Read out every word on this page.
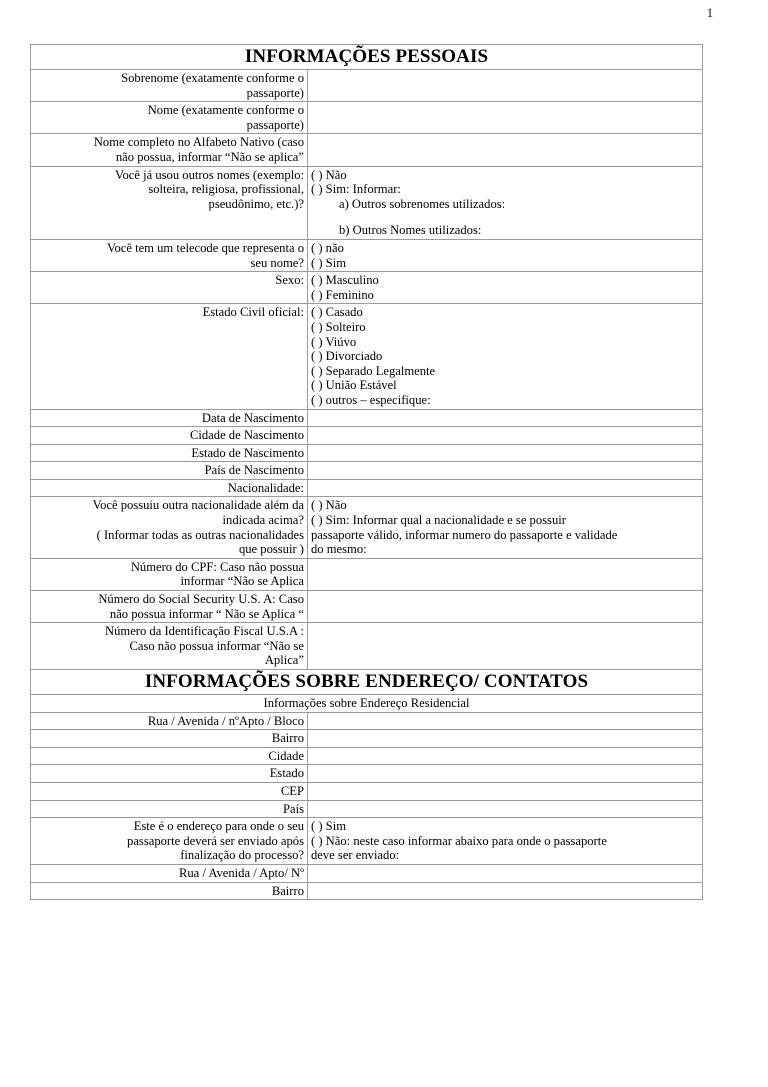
1
INFORMAÇÕES PESSOAIS	

Sobrenome (exatamente conforme o
passaporte)	

Nome (exatamente conforme o
passaporte)	

Nome completo no Alfabeto Nativo (caso
não possua, informar “Não se aplica”	

Você já usou outros nomes (exemplo:
solteira, religiosa, profissional,
pseudônimo, etc.)?	( ) Não
( ) Sim: Informar:
a) Outros sobrenomes utilizados:
b) Outros Nomes utilizados:

Você tem um telecode que representa o
seu nome?	( ) não
( ) Sim

Sexo:	( ) Masculino
( ) Feminino

Estado Civil oficial:	( ) Casado
( ) Solteiro
( ) Viúvo
( ) Divorciado
( ) Separado Legalmente
( ) União Estável
( ) outros – especifique:

Data de Nascimento	
Cidade de Nascimento	
Estado de Nascimento	
País de Nascimento	
Nacionalidade:	

Você possuiu outra nacionalidade além da
indicada acima?
( Informar todas as outras nacionalidades
que possuir )	( ) Não
( ) Sim: Informar qual a nacionalidade e se possuir
passaporte válido, informar numero do passaporte e validade
do mesmo:

Número do CPF: Caso não possua
informar “Não se Aplica	

Número do Social Security U.S. A: Caso
não possua informar “ Não se Aplica “	

Número da Identificação Fiscal U.S.A :
Caso não possua informar “Não se
Aplica”	

INFORMAÇÕES SOBRE ENDEREÇO/ CONTATOS	
Informações sobre Endereço Residencial	
Rua / Avenida / nºApto / Bloco	
Bairro	
Cidade	
Estado	
CEP	
País	

Este é o endereço para onde o seu
passaporte deverá ser enviado após
finalização do processo?	( ) Sim
( ) Não: neste caso informar abaixo para onde o passaporte
deve ser enviado:

Rua / Avenida / Apto/ Nº	
Bairro	
